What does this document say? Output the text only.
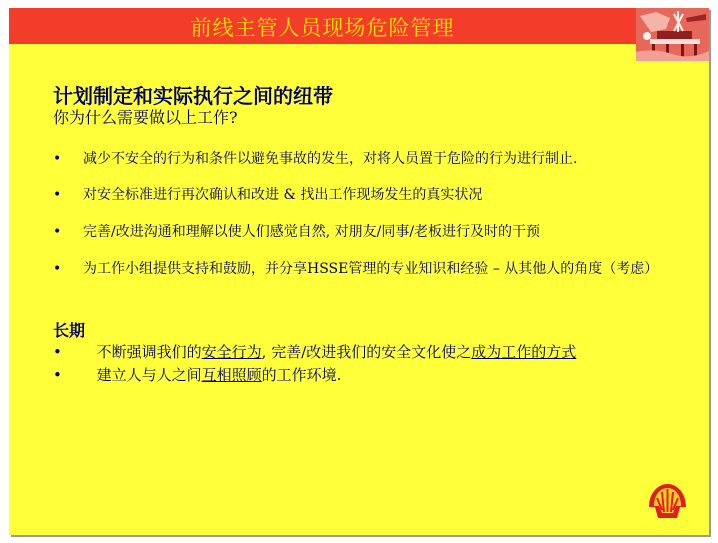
前线主管人员现场危险管理
计划制定和实际执行之间的纽带
你为什么需要做以上工作?
•	减少不安全的行为和条件以避免事故的发生，对将人员置于危险的行为进行制止.
•	对安全标准进行再次确认和改进 & 找出工作现场发生的真实状况
•	完善/改进沟通和理解以使人们感觉自然, 对朋友/同事/老板进行及时的干预
•	为工作小组提供支持和鼓励，并分享HSSE管理的专业知识和经验 – 从其他人的角度（考虑）
长期
• 不断强调我们的安全行为, 完善/改进我们的安全文化使之成为工作的方式
• 建立人与人之间互相照顾的工作环境.
